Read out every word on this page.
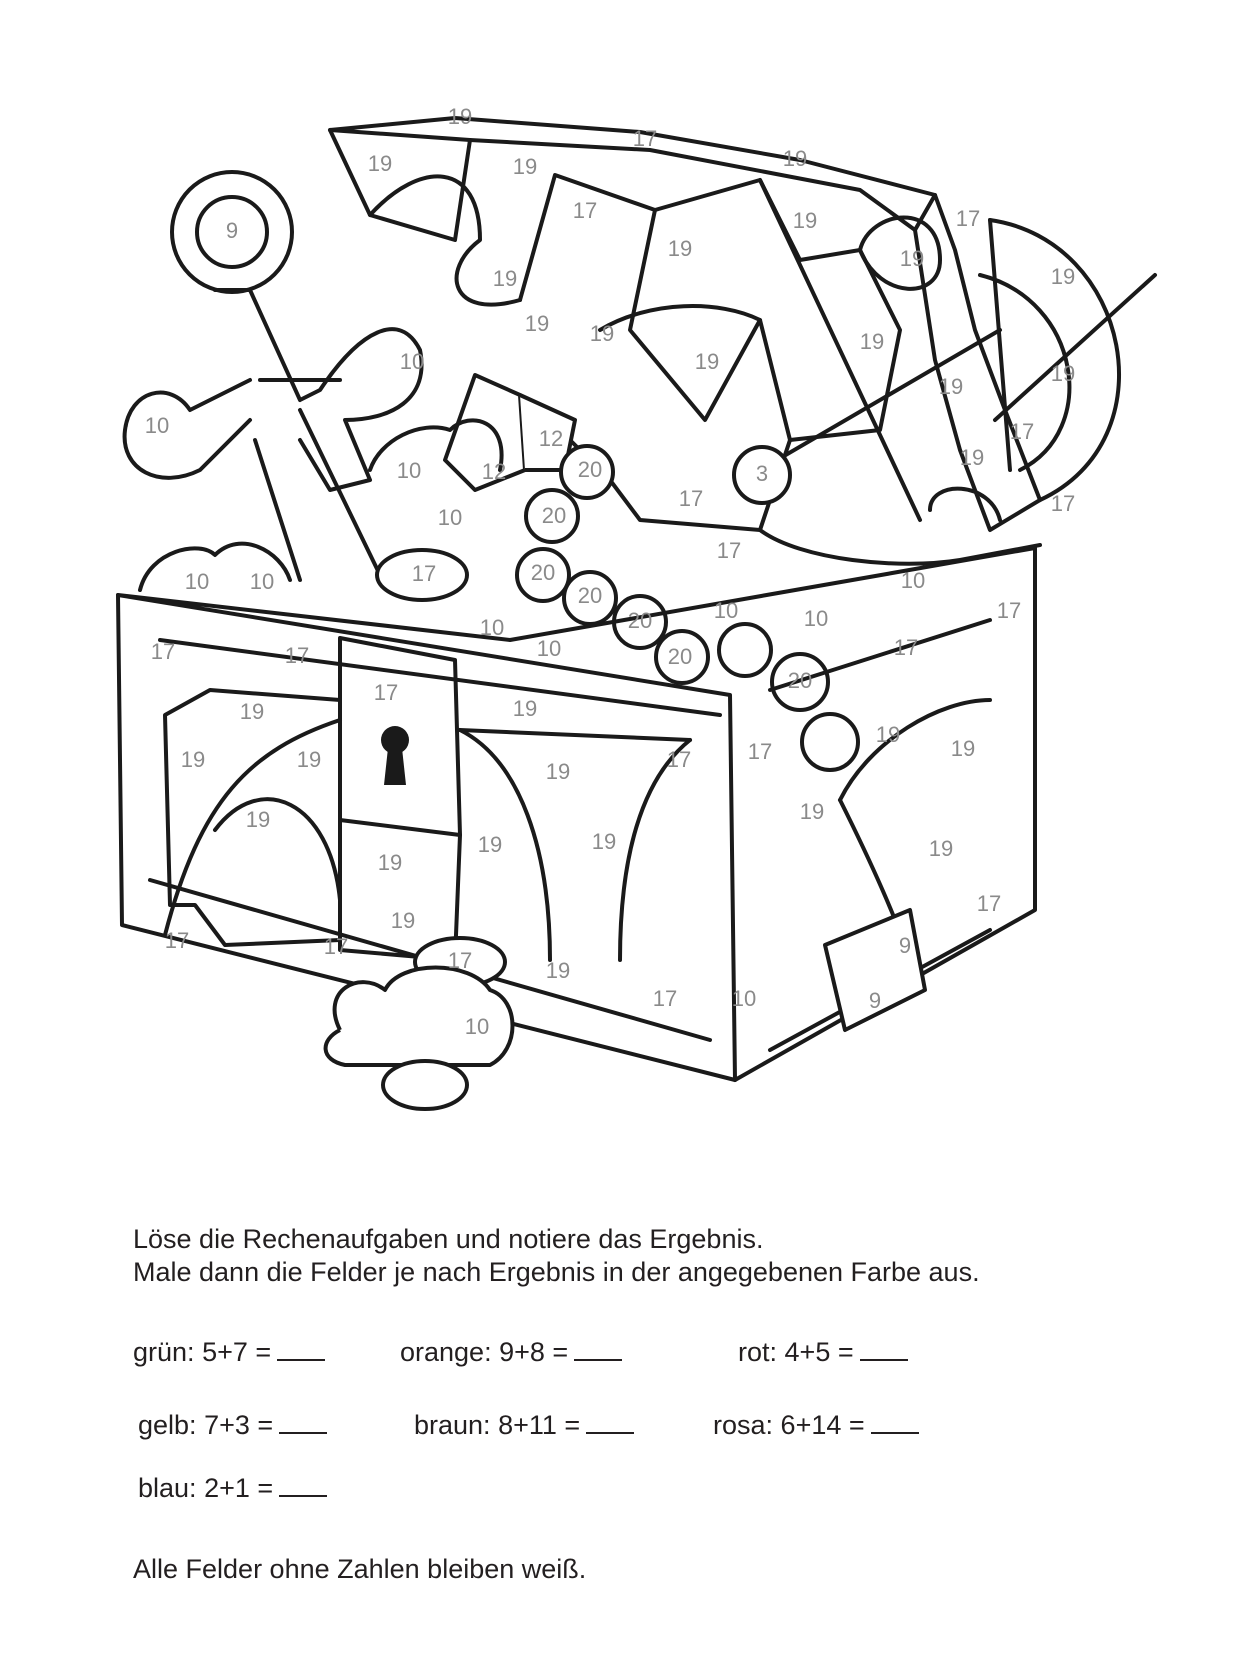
19
19
17
19	19
17	19
19
19
17
19
19
9
19 19
10	19
19
19
19
10
12
12	3
10	20
17
19
10	20
17
17
10 10	10
17	20
17
10
10
20
10	17
10
17
19
20
17	20
17	20
19
19	19
19
17	17
19
17
19
19
19	19
19
19
19
17
17
19
9
17
17	19
17 10	9
10
Löse die Rechenaufgaben und notiere das Ergebnis.
Male dann die Felder je nach Ergebnis in der angegebenen Farbe aus.
grün: 5+7 =	orange: 9+8 =	rot: 4+5 =
gelb: 7+3 =	braun: 8+11 =	rosa: 6+14 =
blau: 2+1 =
Alle Felder ohne Zahlen bleiben weiß.
